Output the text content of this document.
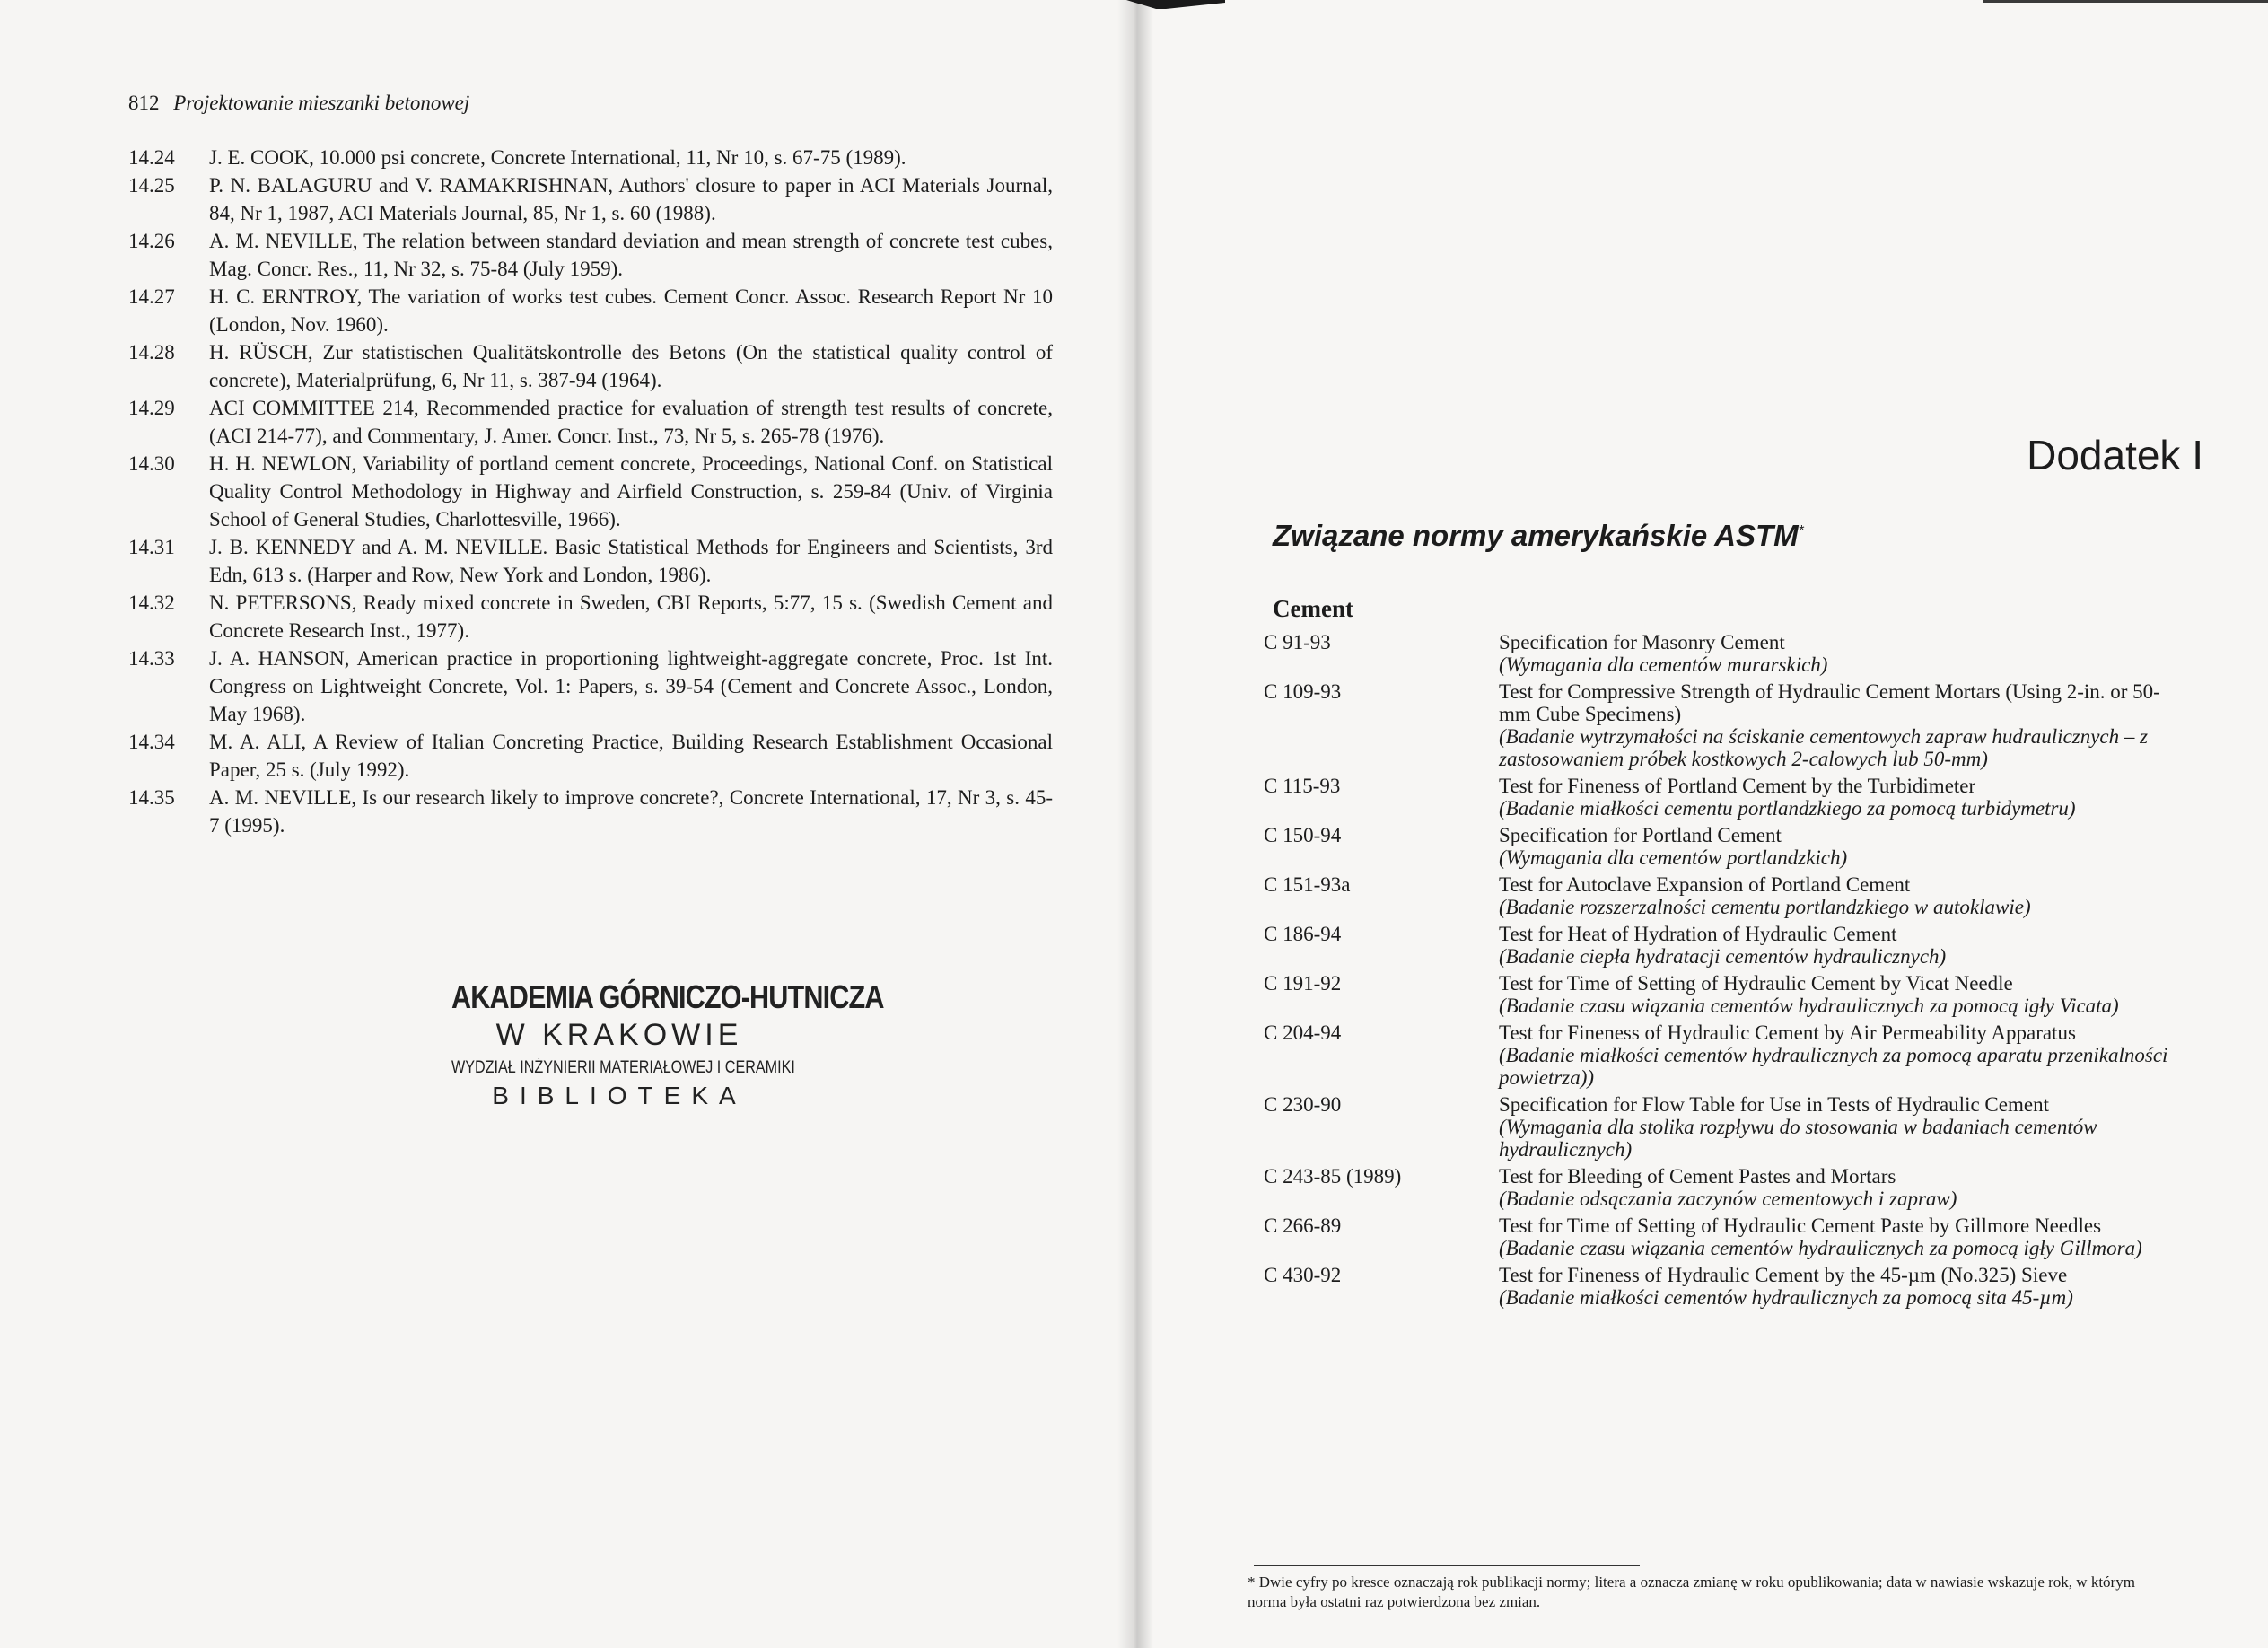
812 Projektowanie mieszanki betonowej
14.24 J. E. COOK, 10.000 psi concrete, Concrete International, 11, Nr 10, s. 67-75 (1989).
14.25 P. N. BALAGURU and V. RAMAKRISHNAN, Authors' closure to paper in ACI Materials Journal, 84, Nr 1, 1987, ACI Materials Journal, 85, Nr 1, s. 60 (1988).
14.26 A. M. NEVILLE, The relation between standard deviation and mean strength of concrete test cubes, Mag. Concr. Res., 11, Nr 32, s. 75-84 (July 1959).
14.27 H. C. ERNTROY, The variation of works test cubes. Cement Concr. Assoc. Research Report Nr 10 (London, Nov. 1960).
14.28 H. RÜSCH, Zur statistischen Qualitätskontrolle des Betons (On the statistical quality control of concrete), Materialprüfung, 6, Nr 11, s. 387-94 (1964).
14.29 ACI COMMITTEE 214, Recommended practice for evaluation of strength test results of concrete, (ACI 214-77), and Commentary, J. Amer. Concr. Inst., 73, Nr 5, s. 265-78 (1976).
14.30 H. H. NEWLON, Variability of portland cement concrete, Proceedings, National Conf. on Statistical Quality Control Methodology in Highway and Airfield Construction, s. 259-84 (Univ. of Virginia School of General Studies, Charlottesville, 1966).
14.31 J. B. KENNEDY and A. M. NEVILLE. Basic Statistical Methods for Engineers and Scientists, 3rd Edn, 613 s. (Harper and Row, New York and London, 1986).
14.32 N. PETERSONS, Ready mixed concrete in Sweden, CBI Reports, 5:77, 15 s. (Swedish Cement and Concrete Research Inst., 1977).
14.33 J. A. HANSON, American practice in proportioning lightweight-aggregate concrete, Proc. 1st Int. Congress on Lightweight Concrete, Vol. 1: Papers, s. 39-54 (Cement and Concrete Assoc., London, May 1968).
14.34 M. A. ALI, A Review of Italian Concreting Practice, Building Research Establishment Occasional Paper, 25 s. (July 1992).
14.35 A. M. NEVILLE, Is our research likely to improve concrete?, Concrete International, 17, Nr 3, s. 45-7 (1995).
AKADEMIA GÓRNICZO-HUTNICZA
W KRAKOWIE
WYDZIAŁ INŻYNIERII MATERIAŁOWEJ I CERAMIKI
BIBLIOTEKA
Dodatek I
Związane normy amerykańskie ASTM*
Cement
C 91-93	Specification for Masonry Cement
(Wymagania dla cementów murarskich)
C 109-93	Test for Compressive Strength of Hydraulic Cement Mortars (Using 2-in. or 50-mm Cube Specimens)
(Badanie wytrzymałości na ściskanie cementowych zapraw hudraulicznych – z zastosowaniem próbek kostkowych 2-calowych lub 50-mm)
C 115-93	Test for Fineness of Portland Cement by the Turbidimeter
(Badanie miałkości cementu portlandzkiego za pomocą turbidymetru)
C 150-94	Specification for Portland Cement
(Wymagania dla cementów portlandzkich)
C 151-93a	Test for Autoclave Expansion of Portland Cement
(Badanie rozszerzalności cementu portlandzkiego w autoklawie)
C 186-94	Test for Heat of Hydration of Hydraulic Cement
(Badanie ciepła hydratacji cementów hydraulicznych)
C 191-92	Test for Time of Setting of Hydraulic Cement by Vicat Needle
(Badanie czasu wiązania cementów hydraulicznych za pomocą igły Vicata)
C 204-94	Test for Fineness of Hydraulic Cement by Air Permeability Apparatus
(Badanie miałkości cementów hydraulicznych za pomocą aparatu przenikalności powietrza))
C 230-90	Specification for Flow Table for Use in Tests of Hydraulic Cement
(Wymagania dla stolika rozpływu do stosowania w badaniach cementów hydraulicznych)
C 243-85 (1989)	Test for Bleeding of Cement Pastes and Mortars
(Badanie odsączania zaczynów cementowych i zapraw)
C 266-89	Test for Time of Setting of Hydraulic Cement Paste by Gillmore Needles
(Badanie czasu wiązania cementów hydraulicznych za pomocą igły Gillmora)
C 430-92	Test for Fineness of Hydraulic Cement by the 45-µm (No.325) Sieve
(Badanie miałkości cementów hydraulicznych za pomocą sita 45-µm)
* Dwie cyfry po kresce oznaczają rok publikacji normy; litera a oznacza zmianę w roku opublikowania; data w nawiasie wskazuje rok, w którym norma była ostatni raz potwierdzona bez zmian.
